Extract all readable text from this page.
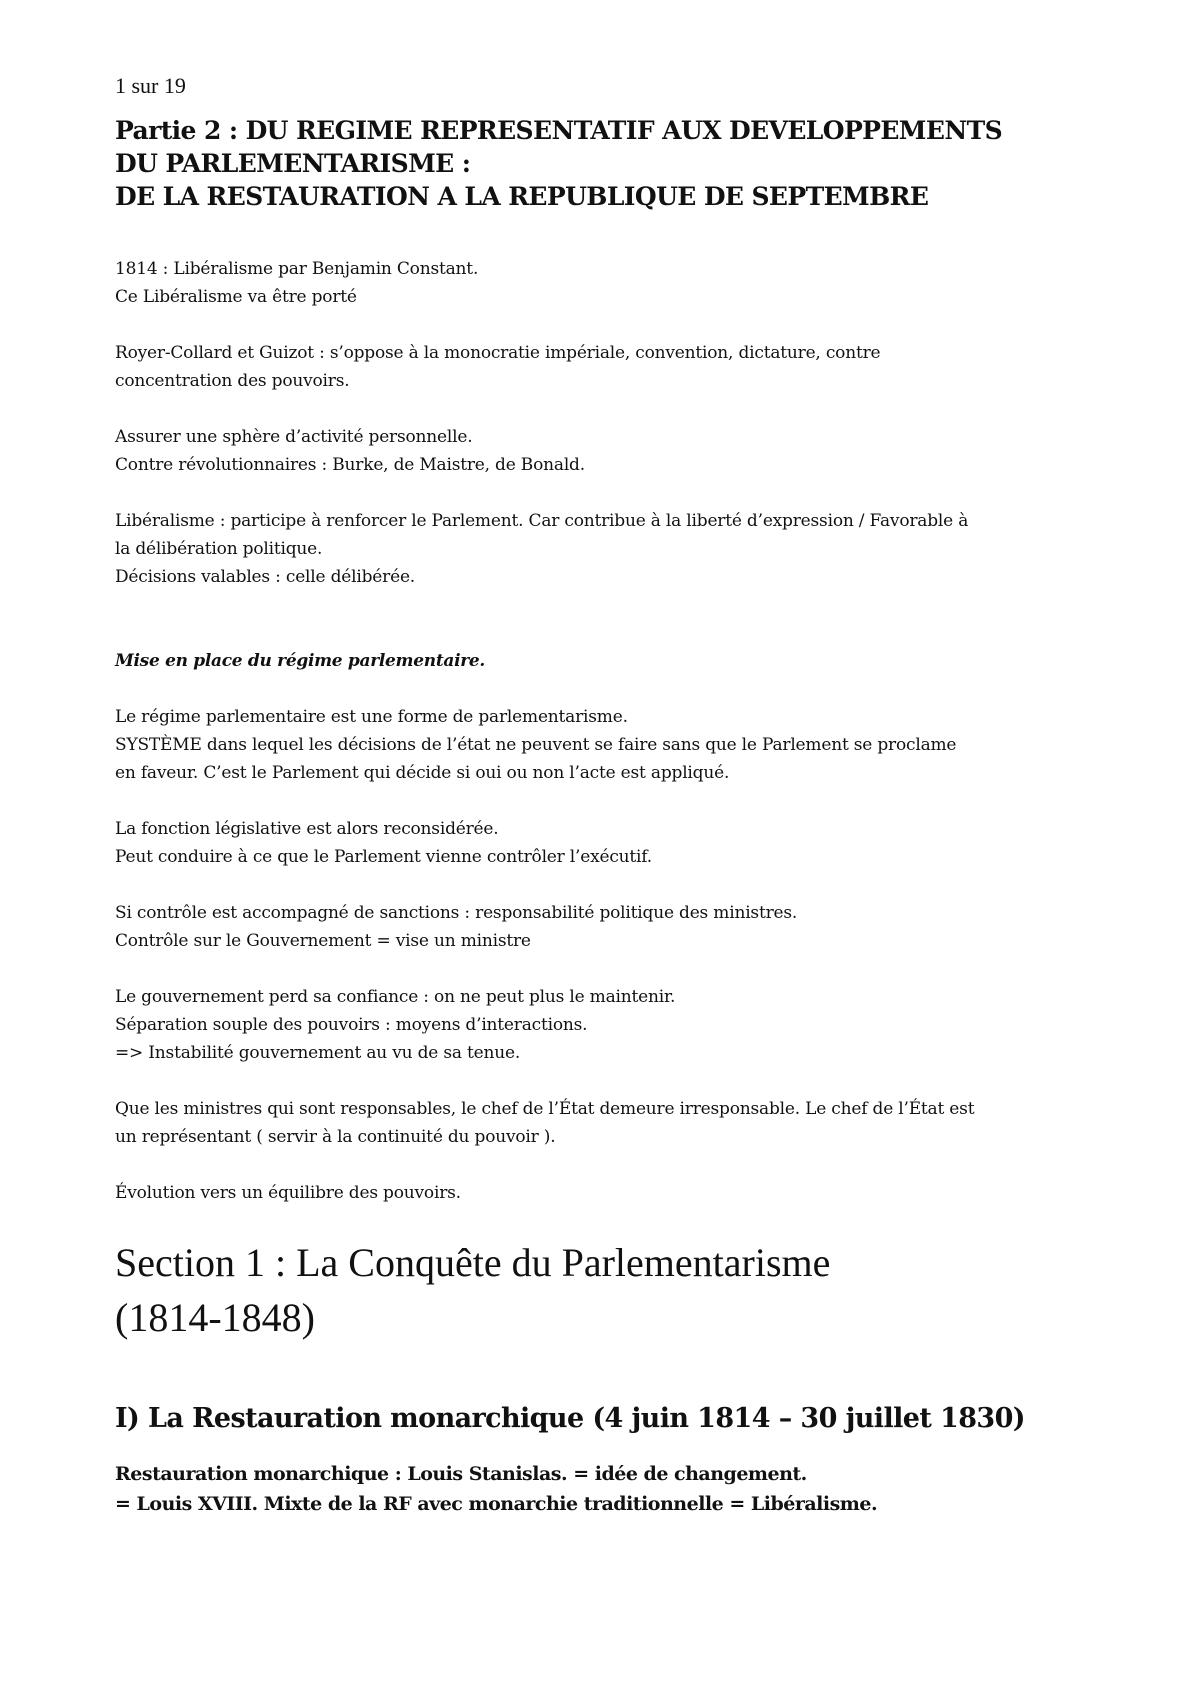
1 sur 19
Partie 2 : DU REGIME REPRESENTATIF AUX DEVELOPPEMENTS
DU PARLEMENTARISME :
DE LA RESTAURATION A LA REPUBLIQUE DE SEPTEMBRE

1814 : Libéralisme par Benjamin Constant.
Ce Libéralisme va être porté

Royer-Collard et Guizot : s’oppose à la monocratie impériale, convention, dictature, contre
concentration des pouvoirs.

Assurer une sphère d’activité personnelle.
Contre révolutionnaires : Burke, de Maistre, de Bonald.

Libéralisme : participe à renforcer le Parlement. Car contribue à la liberté d’expression / Favorable à
la délibération politique.
Décisions valables : celle délibérée.

Mise en place du régime parlementaire.

Le régime parlementaire est une forme de parlementarisme.
SYSTÈME dans lequel les décisions de l’état ne peuvent se faire sans que le Parlement se proclame
en faveur. C’est le Parlement qui décide si oui ou non l’acte est appliqué.

La fonction législative est alors reconsidérée.
Peut conduire à ce que le Parlement vienne contrôler l’exécutif.

Si contrôle est accompagné de sanctions : responsabilité politique des ministres.
Contrôle sur le Gouvernement = vise un ministre

Le gouvernement perd sa confiance : on ne peut plus le maintenir.
Séparation souple des pouvoirs : moyens d’interactions.
=> Instabilité gouvernement au vu de sa tenue.

Que les ministres qui sont responsables, le chef de l’État demeure irresponsable. Le chef de l’État est
un représentant ( servir à la continuité du pouvoir ).

Évolution vers un équilibre des pouvoirs.

Section 1 : La Conquête du Parlementarisme
(1814-1848)
I) La Restauration monarchique (4 juin 1814 – 30 juillet 1830)

Restauration monarchique : Louis Stanislas. = idée de changement.
= Louis XVIII. Mixte de la RF avec monarchie traditionnelle = Libéralisme.
